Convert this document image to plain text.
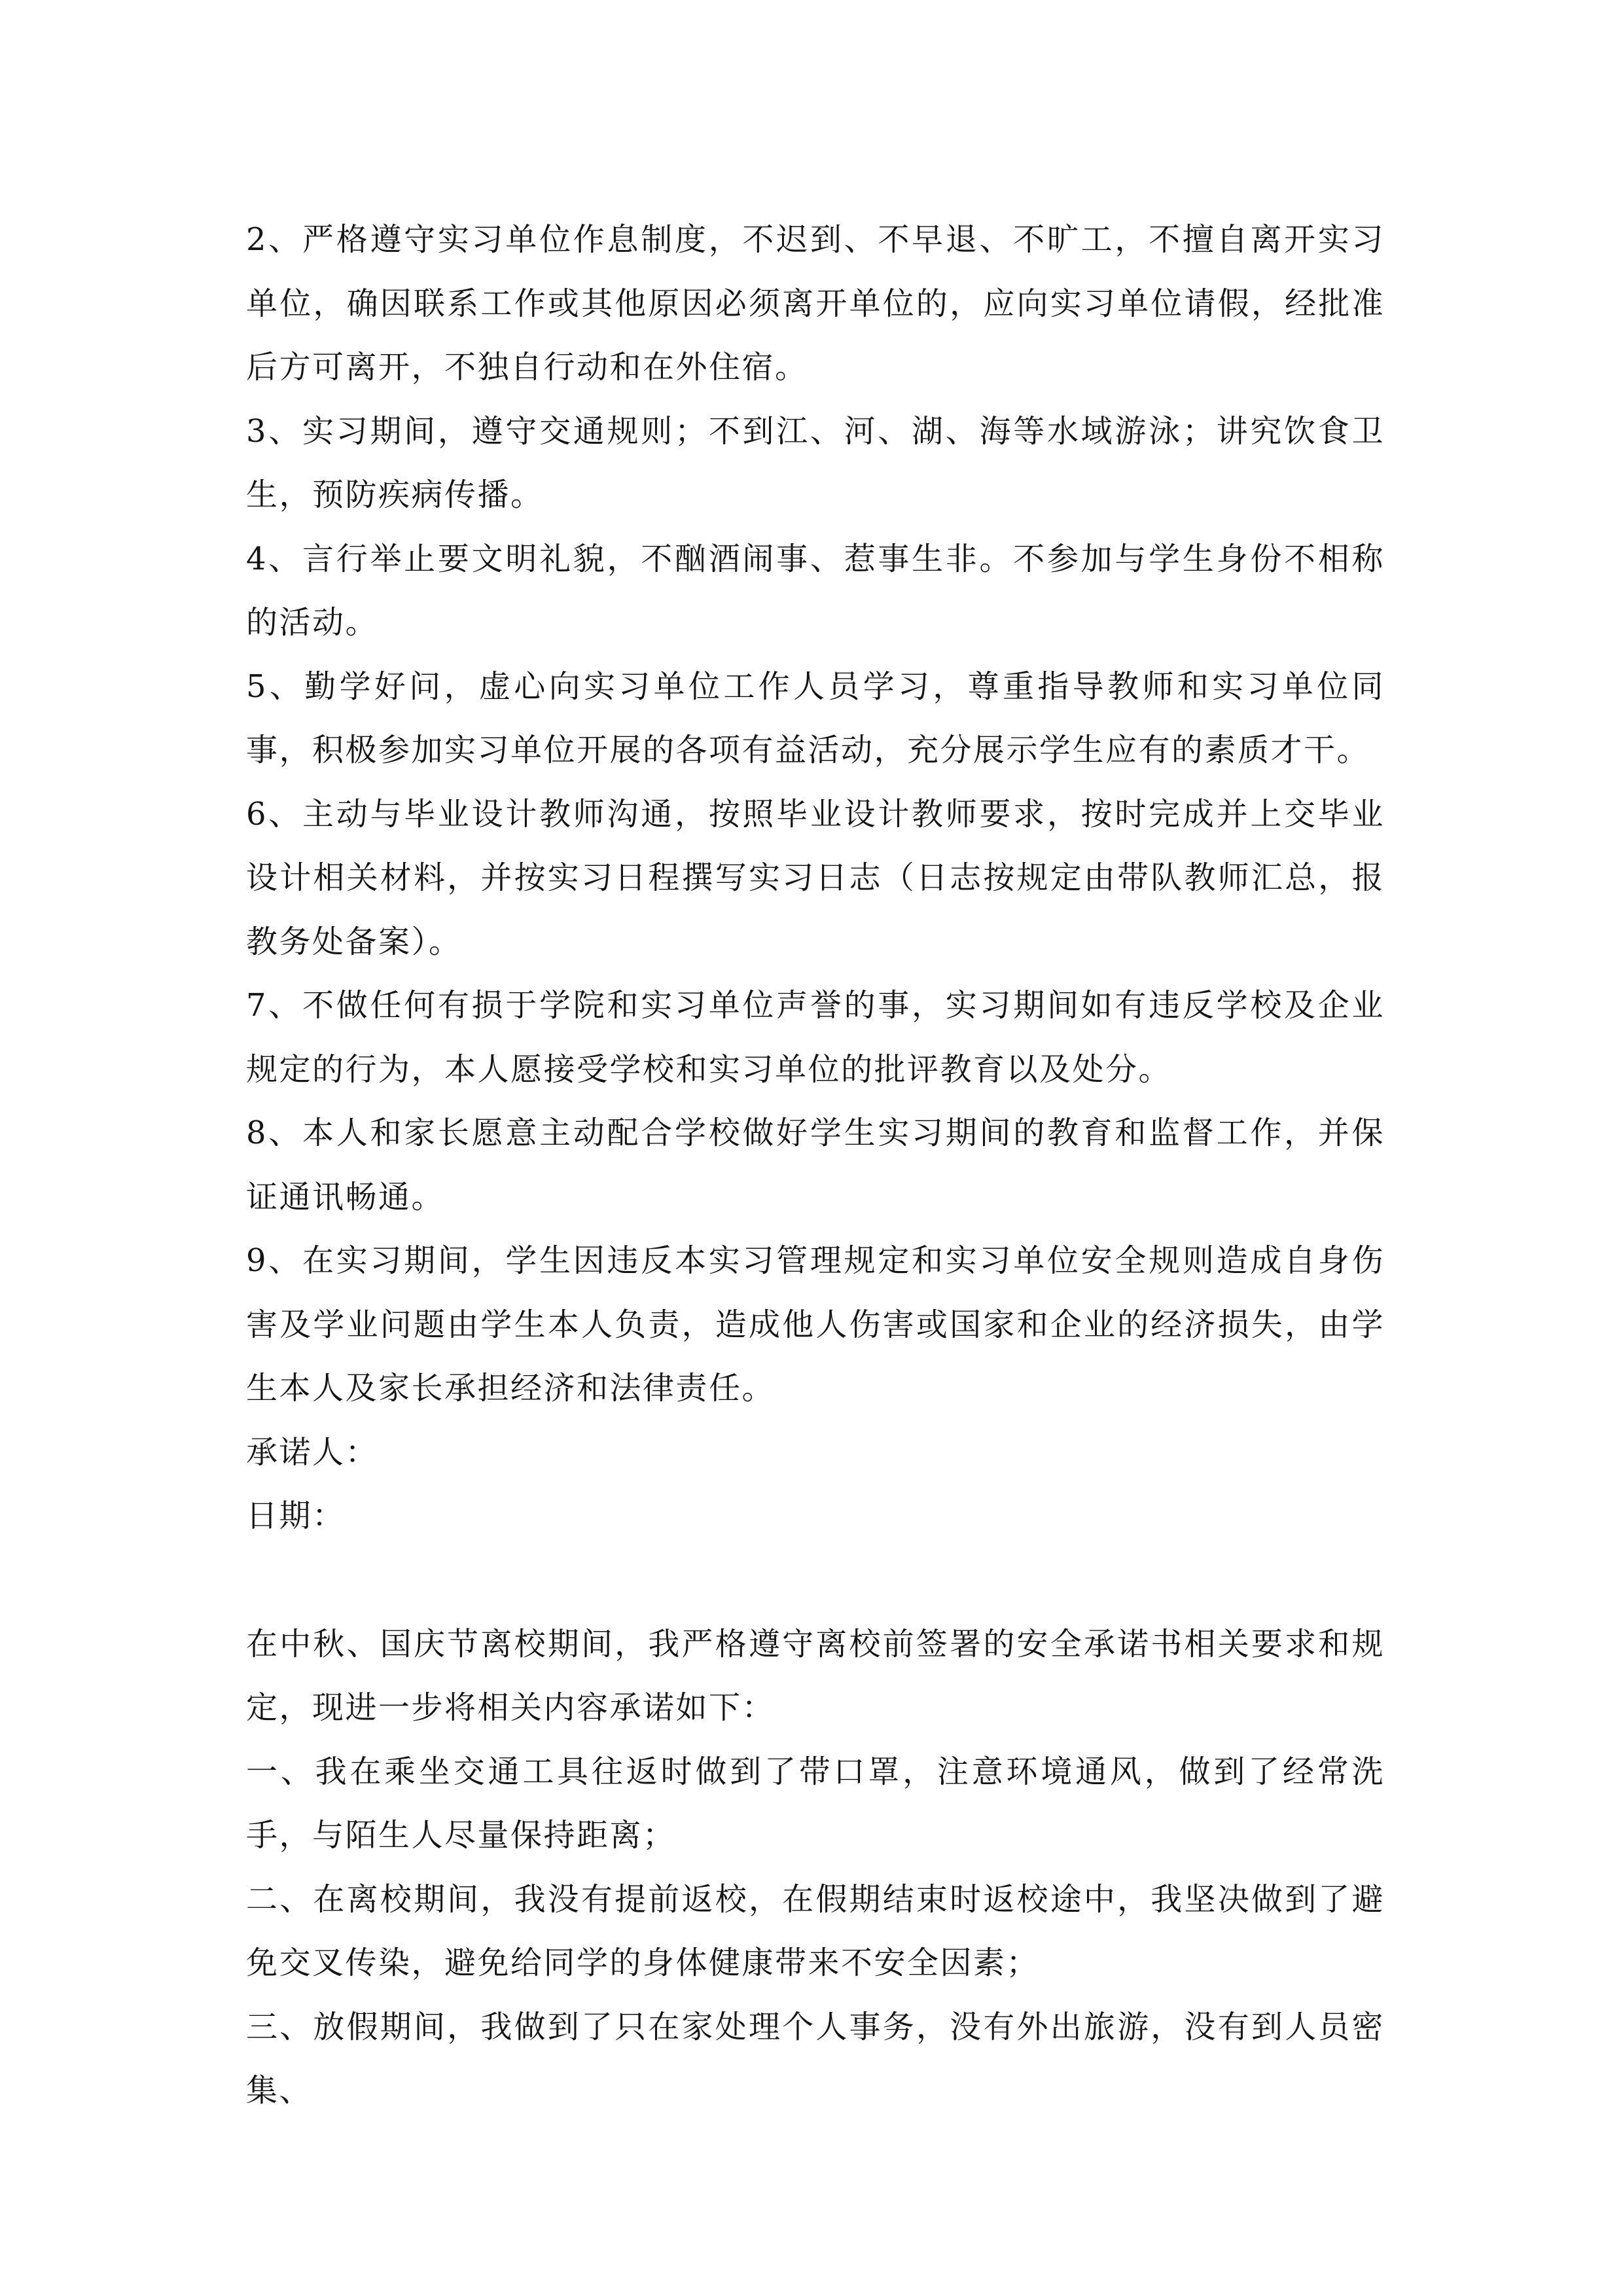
2、严格遵守实习单位作息制度，不迟到、不早退、不旷工，不擅自离开实习单位，确因联系工作或其他原因必须离开单位的，应向实习单位请假，经批准后方可离开，不独自行动和在外住宿。

3、实习期间，遵守交通规则；不到江、河、湖、海等水域游泳；讲究饮食卫生，预防疾病传播。

4、言行举止要文明礼貌，不酗酒闹事、惹事生非。不参加与学生身份不相称的活动。

5、勤学好问，虚心向实习单位工作人员学习，尊重指导教师和实习单位同事，积极参加实习单位开展的各项有益活动，充分展示学生应有的素质才干。

6、主动与毕业设计教师沟通，按照毕业设计教师要求，按时完成并上交毕业设计相关材料，并按实习日程撰写实习日志（日志按规定由带队教师汇总，报教务处备案）。

7、不做任何有损于学院和实习单位声誉的事，实习期间如有违反学校及企业规定的行为，本人愿接受学校和实习单位的批评教育以及处分。

8、本人和家长愿意主动配合学校做好学生实习期间的教育和监督工作，并保证通讯畅通。

9、在实习期间，学生因违反本实习管理规定和实习单位安全规则造成自身伤害及学业问题由学生本人负责，造成他人伤害或国家和企业的经济损失，由学生本人及家长承担经济和法律责任。

承诺人：

日期：

在中秋、国庆节离校期间，我严格遵守离校前签署的安全承诺书相关要求和规定，现进一步将相关内容承诺如下：

一、我在乘坐交通工具往返时做到了带口罩，注意环境通风，做到了经常洗手，与陌生人尽量保持距离；

二、在离校期间，我没有提前返校，在假期结束时返校途中，我坚决做到了避免交叉传染，避免给同学的身体健康带来不安全因素；

三、放假期间，我做到了只在家处理个人事务，没有外出旅游，没有到人员密集、
